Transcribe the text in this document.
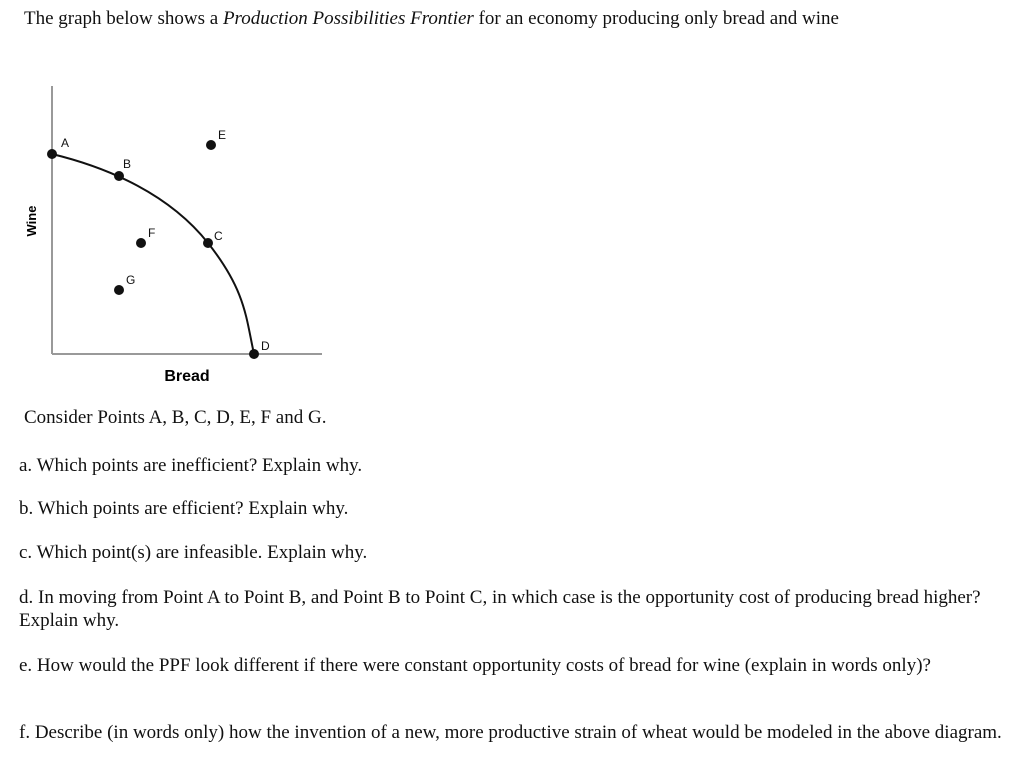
The graph below shows a Production Possibilities Frontier for an economy producing only bread and wine
A
B
C
D
E
F
G
Wine
Bread
Consider Points A, B, C, D, E, F and G.
a. Which points are inefficient? Explain why.
b. Which points are efficient? Explain why.
c. Which point(s) are infeasible. Explain why.
d. In moving from Point A to Point B, and Point B to Point C, in which case is the opportunity cost of producing bread higher? Explain why.
e. How would the PPF look different if there were constant opportunity costs of bread for wine (explain in words only)?
f. Describe (in words only) how the invention of a new, more productive strain of wheat would be modeled in the above diagram.
